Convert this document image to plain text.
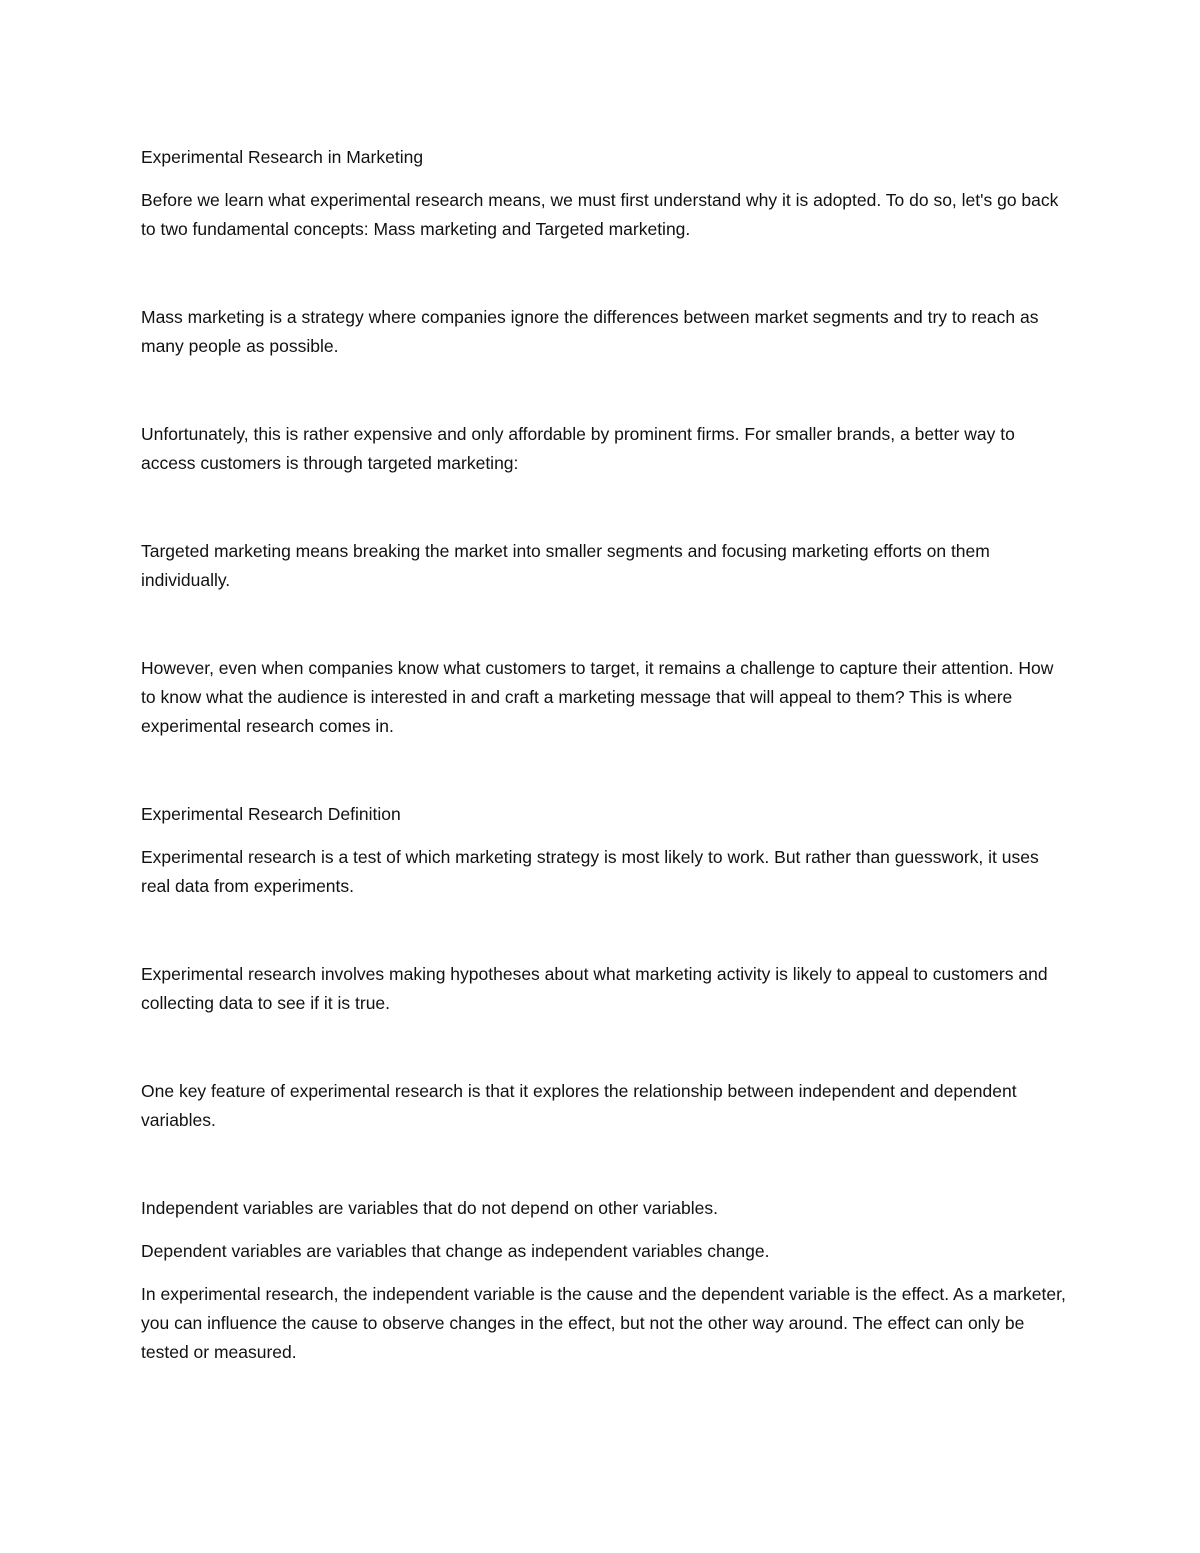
Experimental Research in Marketing

Before we learn what experimental research means, we must first understand why it is adopted. To do so, let's go back to two fundamental concepts: Mass marketing and Targeted marketing.

Mass marketing is a strategy where companies ignore the differences between market segments and try to reach as many people as possible.

Unfortunately, this is rather expensive and only affordable by prominent firms. For smaller brands, a better way to access customers is through targeted marketing:

Targeted marketing means breaking the market into smaller segments and focusing marketing efforts on them individually.

However, even when companies know what customers to target, it remains a challenge to capture their attention. How to know what the audience is interested in and craft a marketing message that will appeal to them? This is where experimental research comes in.

Experimental Research Definition

Experimental research is a test of which marketing strategy is most likely to work. But rather than guesswork, it uses real data from experiments.

Experimental research involves making hypotheses about what marketing activity is likely to appeal to customers and collecting data to see if it is true.

One key feature of experimental research is that it explores the relationship between independent and dependent variables.

Independent variables are variables that do not depend on other variables.

Dependent variables are variables that change as independent variables change.

In experimental research, the independent variable is the cause and the dependent variable is the effect. As a marketer, you can influence the cause to observe changes in the effect, but not the other way around. The effect can only be tested or measured.
